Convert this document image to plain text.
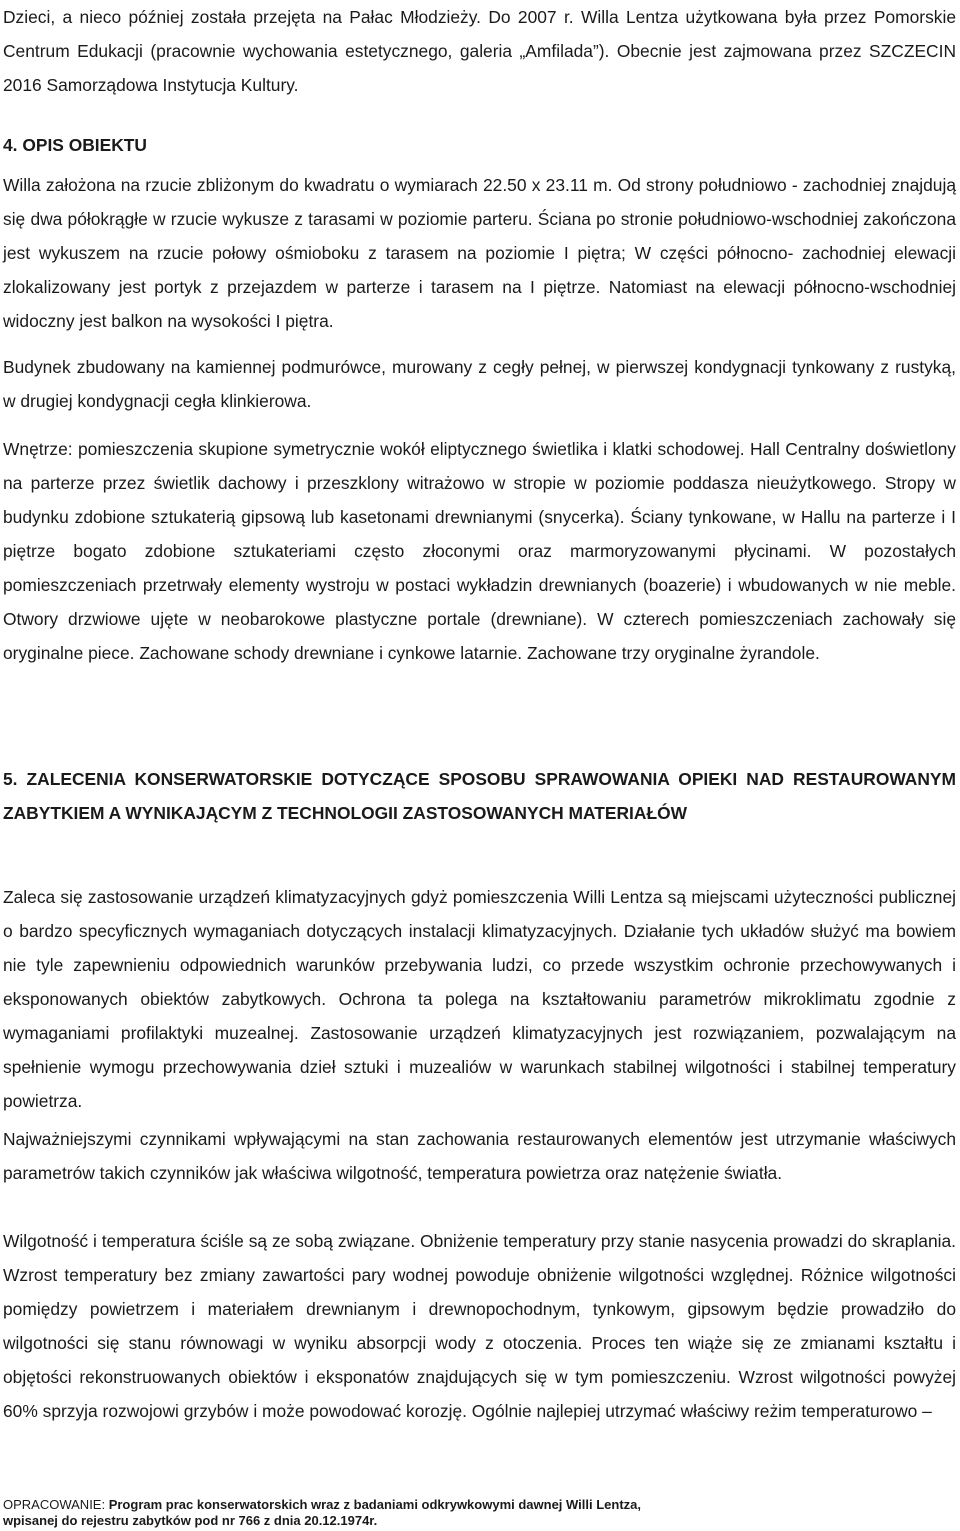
Dzieci, a nieco później została przejęta na Pałac Młodzieży. Do 2007 r. Willa Lentza użytkowana była przez Pomorskie Centrum Edukacji (pracownie wychowania estetycznego, galeria „Amfilada”). Obecnie jest zajmowana przez SZCZECIN 2016 Samorządowa Instytucja Kultury.

4. OPIS OBIEKTU

Willa założona na rzucie zbliżonym do kwadratu o wymiarach 22.50 x 23.11 m. Od strony południowo - zachodniej znajdują się dwa półokrągłe w rzucie wykusze z tarasami w poziomie parteru. Ściana po stronie południowo-wschodniej zakończona jest wykuszem na rzucie połowy ośmioboku z tarasem na poziomie I piętra; W części północno- zachodniej elewacji zlokalizowany jest portyk z przejazdem w parterze i tarasem na I piętrze. Natomiast na elewacji północno-wschodniej widoczny jest balkon na wysokości I piętra.

Budynek zbudowany na kamiennej podmurówce, murowany z cegły pełnej, w pierwszej kondygnacji tynkowany z rustyką, w drugiej kondygnacji cegła klinkierowa.

Wnętrze: pomieszczenia skupione symetrycznie wokół eliptycznego świetlika i klatki schodowej. Hall Centralny doświetlony na parterze przez świetlik dachowy i przeszklony witrażowo w stropie w poziomie poddasza nieużytkowego. Stropy w budynku zdobione sztukaterią gipsową lub kasetonami drewnianymi (snycerka). Ściany tynkowane, w Hallu na parterze i I piętrze bogato zdobione sztukateriami często złoconymi oraz marmoryzowanymi płycinami. W pozostałych pomieszczeniach przetrwały elementy wystroju w postaci wykładzin drewnianych (boazerie) i wbudowanych w nie meble. Otwory drzwiowe ujęte w neobarokowe plastyczne portale (drewniane). W czterech pomieszczeniach zachowały się oryginalne piece. Zachowane schody drewniane i cynkowe latarnie. Zachowane trzy oryginalne żyrandole.

5. ZALECENIA KONSERWATORSKIE DOTYCZĄCE SPOSOBU SPRAWOWANIA OPIEKI NAD RESTAUROWANYM ZABYTKIEM A WYNIKAJĄCYM Z TECHNOLOGII ZASTOSOWANYCH MATERIAŁÓW

Zaleca się zastosowanie urządzeń klimatyzacyjnych gdyż pomieszczenia Willi Lentza są miejscami użyteczności publicznej o bardzo specyficznych wymaganiach dotyczących instalacji klimatyzacyjnych. Działanie tych układów służyć ma bowiem nie tyle zapewnieniu odpowiednich warunków przebywania ludzi, co przede wszystkim ochronie przechowywanych i eksponowanych obiektów zabytkowych. Ochrona ta polega na kształtowaniu parametrów mikroklimatu zgodnie z wymaganiami profilaktyki muzealnej. Zastosowanie urządzeń klimatyzacyjnych jest rozwiązaniem, pozwalającym na spełnienie wymogu przechowywania dzieł sztuki i muzealiów w warunkach stabilnej wilgotności i stabilnej temperatury powietrza.

Najważniejszymi czynnikami wpływającymi na stan zachowania restaurowanych elementów jest utrzymanie właściwych parametrów takich czynników jak właściwa wilgotność, temperatura powietrza oraz natężenie światła.

Wilgotność i temperatura ściśle są ze sobą związane. Obniżenie temperatury przy stanie nasycenia prowadzi do skraplania. Wzrost temperatury bez zmiany zawartości pary wodnej powoduje obniżenie wilgotności względnej. Różnice wilgotności pomiędzy powietrzem i materiałem drewnianym i drewnopochodnym, tynkowym, gipsowym będzie prowadziło do wilgotności się stanu równowagi w wyniku absorpcji wody z otoczenia. Proces ten wiąże się ze zmianami kształtu i objętości rekonstruowanych obiektów i eksponatów znajdujących się w tym pomieszczeniu. Wzrost wilgotności powyżej 60% sprzyja rozwojowi grzybów i może powodować korozję. Ogólnie najlepiej utrzymać właściwy reżim temperaturowo –

OPRACOWANIE: Program prac konserwatorskich wraz z badaniami odkrywkowymi dawnej Willi Lentza,
wpisanej do rejestru zabytków pod nr 766 z dnia 20.12.1974r.
